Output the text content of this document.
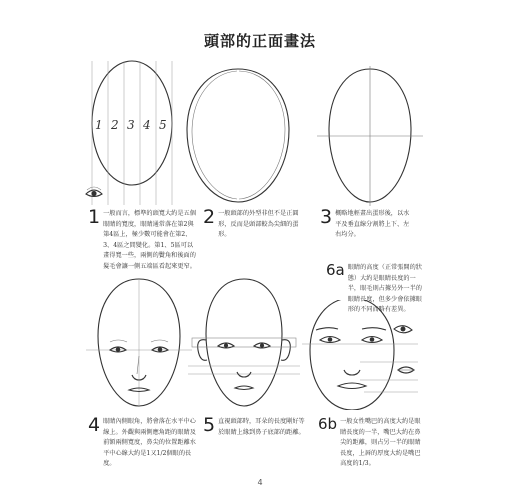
頭部的正面畫法
1 2 3 4 5
1 一般而言，標準的頭寬大約是五個眼睛的寬度，眼睛通常落在第2與第4區上，極少數可能會在第2、3、4區之間變化。第1、5區可以畫得寬一些，兩側的鬢角和後面的髮毛會讓一側五端區看起來更窄。
2 一般頭部的外型非但不是正圓形，反而是頭部較為尖細的蛋形。
3 概略地輕畫出蛋形後，以水平及垂直線分割將上下、左右均分。
6a 眼睛的高度（正常張開的狀態）大約是眼睛長度的一半，眼毛則占據另外一半的眼睛長度，但多少會依據眼形的不同而略有差異。
4 眼睛內側眼角，將會落在水平中心線上。外觀與兩側應角距的眼睛及前額兩側寬度，鼻尖的位置距離水平中心線大約是1又1/2個眼的長度。
5 直視頭部時，耳朵的長度剛好等於眼睛上緣到鼻子底部的距離。 6b 一般女性嘴巴的高度大約是眼睛長度的一半，嘴巴大約在鼻尖的距離，則占另一半的眼睛長度，上唇的厚度大約是嘴巴高度的1/3。
4
